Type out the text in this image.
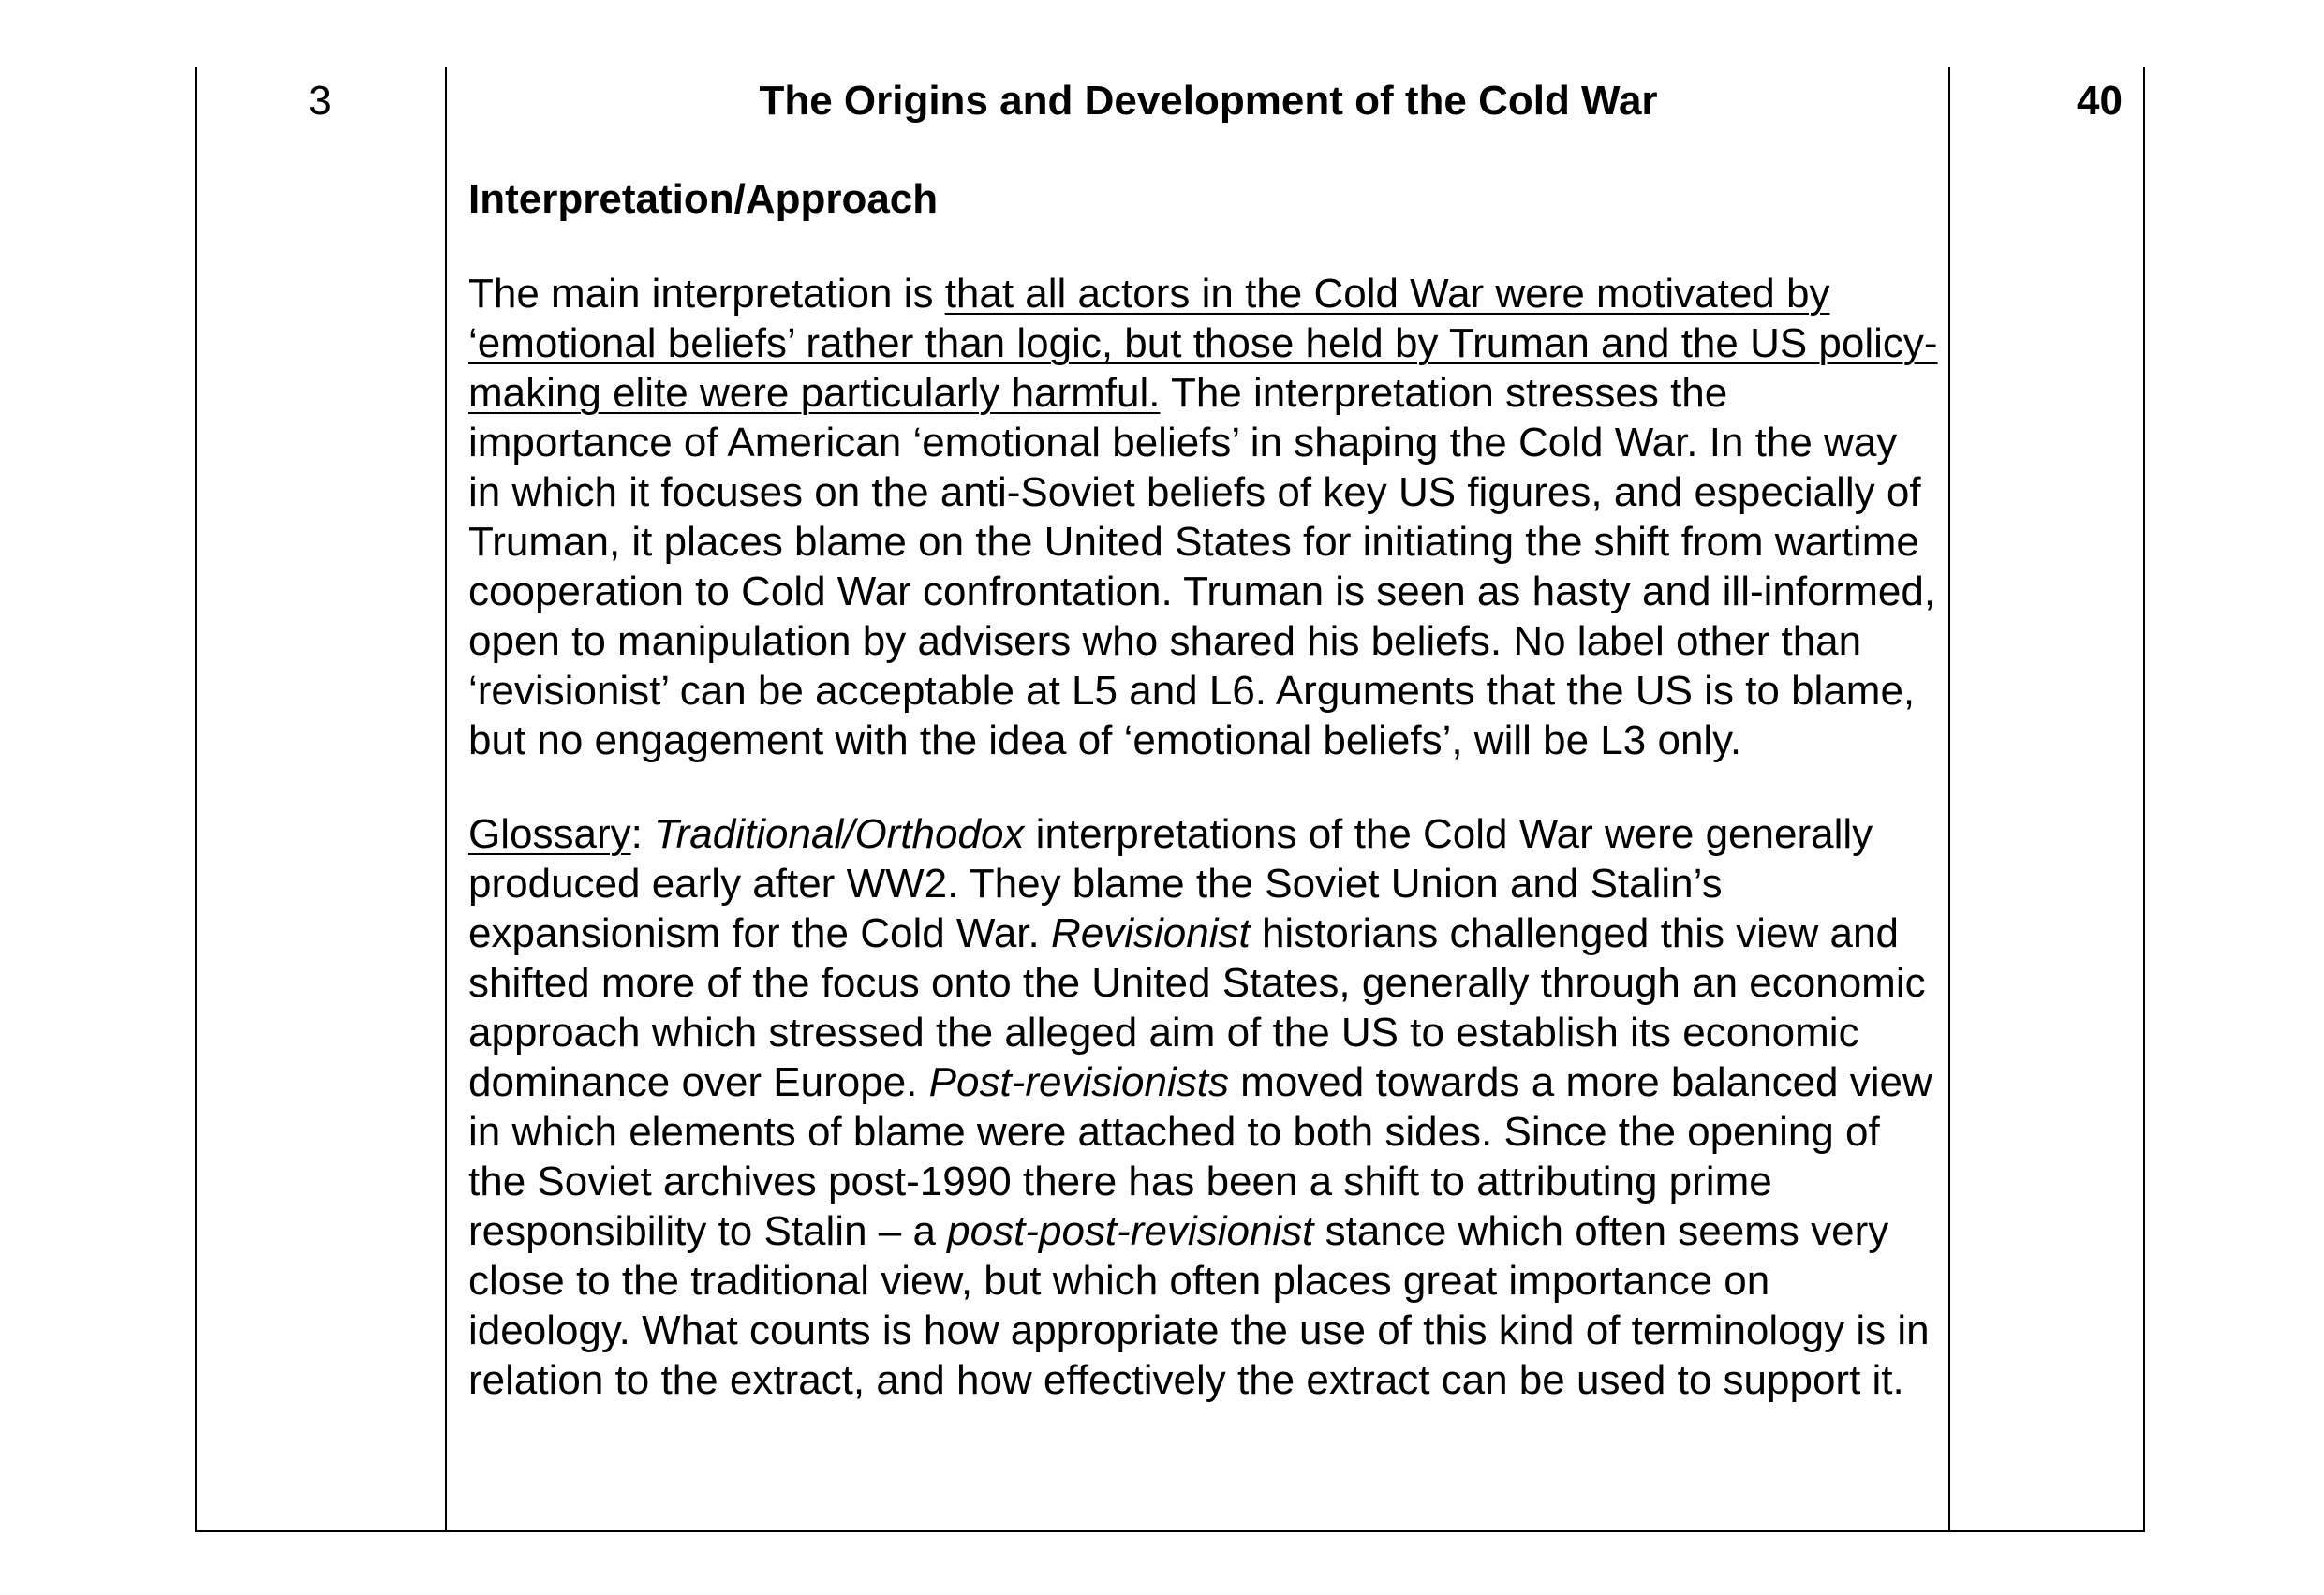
3	The Origins and Development of the Cold War

Interpretation/Approach

The main interpretation is that all actors in the Cold War were motivated by ‘emotional beliefs’ rather than logic, but those held by Truman and the US policy-making elite were particularly harmful. The interpretation stresses the importance of American ‘emotional beliefs’ in shaping the Cold War. In the way in which it focuses on the anti-Soviet beliefs of key US figures, and especially of Truman, it places blame on the United States for initiating the shift from wartime cooperation to Cold War confrontation. Truman is seen as hasty and ill-informed, open to manipulation by advisers who shared his beliefs. No label other than ‘revisionist’ can be acceptable at L5 and L6. Arguments that the US is to blame, but no engagement with the idea of ‘emotional beliefs’, will be L3 only.

Glossary: Traditional/Orthodox interpretations of the Cold War were generally produced early after WW2. They blame the Soviet Union and Stalin’s expansionism for the Cold War. Revisionist historians challenged this view and shifted more of the focus onto the United States, generally through an economic approach which stressed the alleged aim of the US to establish its economic dominance over Europe. Post-revisionists moved towards a more balanced view in which elements of blame were attached to both sides. Since the opening of the Soviet archives post-1990 there has been a shift to attributing prime responsibility to Stalin – a post-post-revisionist stance which often seems very close to the traditional view, but which often places great importance on ideology. What counts is how appropriate the use of this kind of terminology is in relation to the extract, and how effectively the extract can be used to support it.

40
